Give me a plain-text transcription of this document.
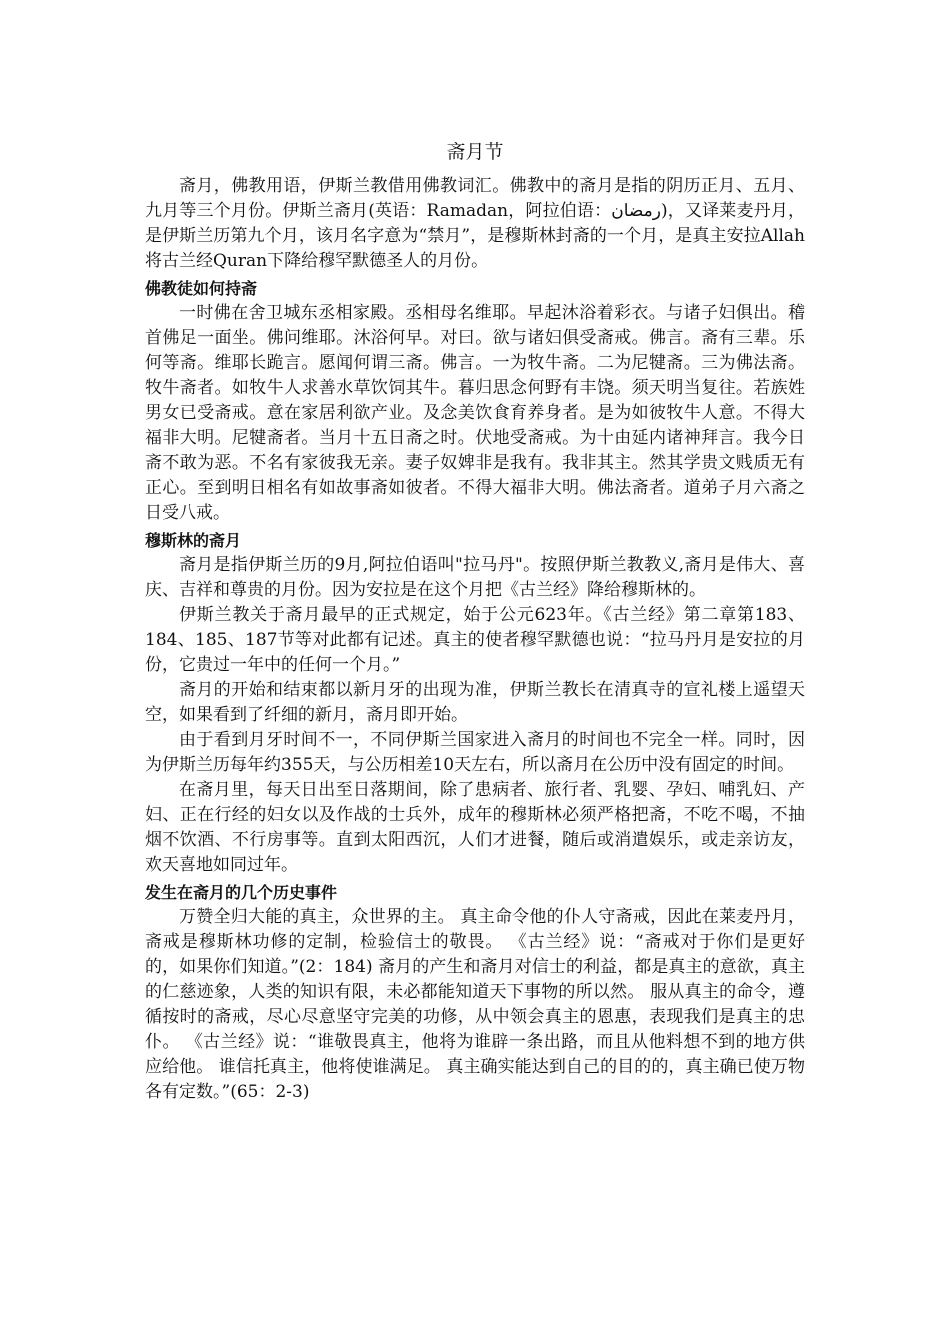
斋月节

斋月，佛教用语，伊斯兰教借用佛教词汇。佛教中的斋月是指的阴历正月、五月、九月等三个月份。伊斯兰斋月(英语：Ramadan，阿拉伯语：رمضان)，又译莱麦丹月，是伊斯兰历第九个月，该月名字意为“禁月”，是穆斯林封斋的一个月，是真主安拉Allah将古兰经Quran下降给穆罕默德圣人的月份。

佛教徒如何持斋

一时佛在舍卫城东丞相家殿。丞相母名维耶。早起沐浴着彩衣。与诸子妇俱出。稽首佛足一面坐。佛问维耶。沐浴何早。对曰。欲与诸妇俱受斋戒。佛言。斋有三辈。乐何等斋。维耶长跪言。愿闻何谓三斋。佛言。一为牧牛斋。二为尼犍斋。三为佛法斋。牧牛斋者。如牧牛人求善水草饮饲其牛。暮归思念何野有丰饶。须天明当复往。若族姓男女已受斋戒。意在家居利欲产业。及念美饮食育养身者。是为如彼牧牛人意。不得大福非大明。尼犍斋者。当月十五日斋之时。伏地受斋戒。为十由延内诸神拜言。我今日斋不敢为恶。不名有家彼我无亲。妻子奴婢非是我有。我非其主。然其学贵文贱质无有正心。至到明日相名有如故事斋如彼者。不得大福非大明。佛法斋者。道弟子月六斋之日受八戒。

穆斯林的斋月

斋月是指伊斯兰历的9月,阿拉伯语叫"拉马丹"。按照伊斯兰教教义,斋月是伟大、喜庆、吉祥和尊贵的月份。因为安拉是在这个月把《古兰经》降给穆斯林的。

伊斯兰教关于斋月最早的正式规定，始于公元623年。《古兰经》第二章第183、184、185、187节等对此都有记述。真主的使者穆罕默德也说：“拉马丹月是安拉的月份，它贵过一年中的任何一个月。”

斋月的开始和结束都以新月牙的出现为准，伊斯兰教长在清真寺的宣礼楼上遥望天空，如果看到了纤细的新月，斋月即开始。

由于看到月牙时间不一，不同伊斯兰国家进入斋月的时间也不完全一样。同时，因为伊斯兰历每年约355天，与公历相差10天左右，所以斋月在公历中没有固定的时间。

在斋月里，每天日出至日落期间，除了患病者、旅行者、乳婴、孕妇、哺乳妇、产妇、正在行经的妇女以及作战的士兵外，成年的穆斯林必须严格把斋，不吃不喝，不抽烟不饮酒、不行房事等。直到太阳西沉，人们才进餐，随后或消遣娱乐，或走亲访友，欢天喜地如同过年。

发生在斋月的几个历史事件

万赞全归大能的真主，众世界的主。 真主命令他的仆人守斋戒，因此在莱麦丹月，斋戒是穆斯林功修的定制，检验信士的敬畏。 《古兰经》说：“斋戒对于你们是更好的，如果你们知道。”(2：184) 斋月的产生和斋月对信士的利益，都是真主的意欲，真主的仁慈迹象，人类的知识有限，未必都能知道天下事物的所以然。 服从真主的命令，遵循按时的斋戒，尽心尽意坚守完美的功修，从中领会真主的恩惠，表现我们是真主的忠仆。 《古兰经》说：“谁敬畏真主，他将为谁辟一条出路，而且从他料想不到的地方供应给他。 谁信托真主，他将使谁满足。 真主确实能达到自己的目的的，真主确已使万物各有定数。”(65：2-3)
